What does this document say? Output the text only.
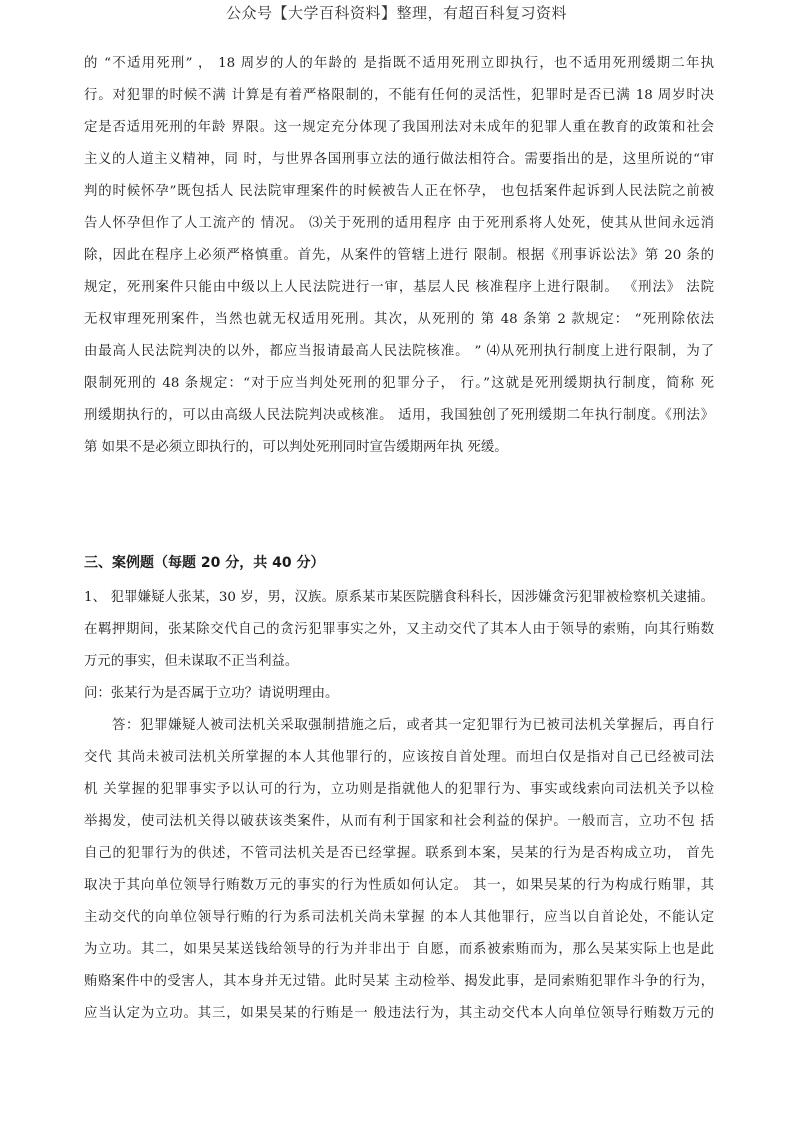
公众号【大学百科资料】整理，有超百科复习资料
的 “不适用死刑” ， 18 周岁的人的年龄的 是指既不适用死刑立即执行，也不适用死刑缓期二年执
行。对犯罪的时候不满 计算是有着严格限制的，不能有任何的灵活性，犯罪时是否已满 18 周岁时决
定是否适用死刑的年龄 界限。这一规定充分体现了我国刑法对未成年的犯罪人重在教育的政策和社会
主义的人道主义精神，同 时，与世界各国刑事立法的通行做法相符合。需要指出的是，这里所说的“审
判的时候怀孕”既包括人 民法院审理案件的时候被告人正在怀孕， 也包括案件起诉到人民法院之前被
告人怀孕但作了人工流产的 情况。 ⑶关于死刑的适用程序 由于死刑系将人处死，使其从世间永远消
除，因此在程序上必须严格慎重。首先，从案件的管辖上进行 限制。根据《刑事诉讼法》第 20 条的
规定，死刑案件只能由中级以上人民法院进行一审，基层人民 核准程序上进行限制。 《刑法》 法院
无权审理死刑案件，当然也就无权适用死刑。其次，从死刑的 第 48 条第 2 款规定： “死刑除依法
由最高人民法院判决的以外，都应当报请最高人民法院核准。 ” ⑷从死刑执行制度上进行限制，为了
限制死刑的 48 条规定：“对于应当判处死刑的犯罪分子， 行。”这就是死刑缓期执行制度，简称 死
刑缓期执行的，可以由高级人民法院判决或核准。 适用，我国独创了死刑缓期二年执行制度。《刑法》
第 如果不是必须立即执行的，可以判处死刑同时宣告缓期两年执 死缓。
三、案例题（每题 20 分，共 40 分）
1、 犯罪嫌疑人张某，30 岁，男，汉族。原系某市某医院膳食科科长，因涉嫌贪污犯罪被检察机关逮捕。
在羁押期间，张某除交代自己的贪污犯罪事实之外，又主动交代了其本人由于领导的索贿，向其行贿数
万元的事实，但未谋取不正当利益。
问：张某行为是否属于立功？请说明理由。
　　答：犯罪嫌疑人被司法机关采取强制措施之后，或者其一定犯罪行为已被司法机关掌握后，再自行
交代 其尚未被司法机关所掌握的本人其他罪行的，应该按自首处理。而坦白仅是指对自己已经被司法
机 关掌握的犯罪事实予以认可的行为，立功则是指就他人的犯罪行为、事实或线索向司法机关予以检
举揭发，使司法机关得以破获该类案件，从而有利于国家和社会利益的保护。一般而言，立功不包 括
自己的犯罪行为的供述，不管司法机关是否已经掌握。联系到本案，吴某的行为是否构成立功， 首先
取决于其向单位领导行贿数万元的事实的行为性质如何认定。 其一，如果吴某的行为构成行贿罪，其
主动交代的向单位领导行贿的行为系司法机关尚未掌握 的本人其他罪行，应当以自首论处，不能认定
为立功。其二，如果吴某送钱给领导的行为并非出于 自愿，而系被索贿而为，那么吴某实际上也是此
贿赂案件中的受害人，其本身并无过错。此时吴某 主动检举、揭发此事，是同索贿犯罪作斗争的行为，
应当认定为立功。其三，如果吴某的行贿是一 般违法行为，其主动交代本人向单位领导行贿数万元的
